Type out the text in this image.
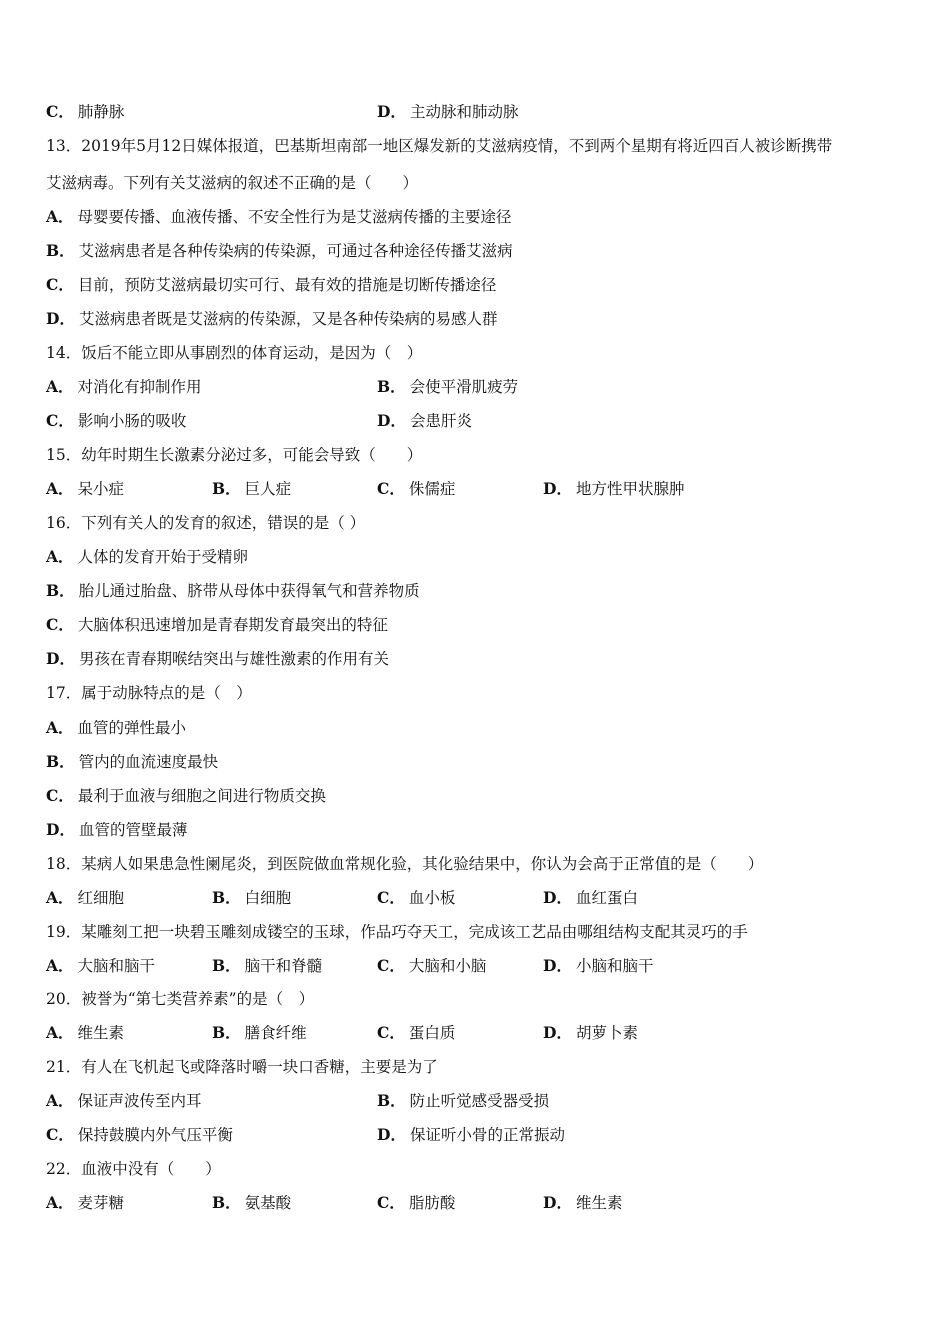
C． 肺静脉	D． 主动脉和肺动脉
13．2019年5月12日媒体报道，巴基斯坦南部一地区爆发新的艾滋病疫情，不到两个星期有将近四百人被诊断携带
艾滋病毒。下列有关艾滋病的叙述不正确的是（　　）
A． 母婴要传播、血液传播、不安全性行为是艾滋病传播的主要途径
B． 艾滋病患者是各种传染病的传染源，可通过各种途径传播艾滋病
C． 目前，预防艾滋病最切实可行、最有效的措施是切断传播途径
D． 艾滋病患者既是艾滋病的传染源，又是各种传染病的易感人群
14．饭后不能立即从事剧烈的体育运动，是因为（　）
A． 对消化有抑制作用	B． 会使平滑肌疲劳
C． 影响小肠的吸收	D． 会患肝炎
15．幼年时期生长激素分泌过多，可能会导致（　　）
A． 呆小症	B． 巨人症	C． 侏儒症	D． 地方性甲状腺肿
16．下列有关人的发育的叙述，错误的是（ ）
A． 人体的发育开始于受精卵
B． 胎儿通过胎盘、脐带从母体中获得氧气和营养物质
C． 大脑体积迅速增加是青春期发育最突出的特征
D． 男孩在青春期喉结突出与雄性激素的作用有关
17．属于动脉特点的是（　）
A． 血管的弹性最小
B． 管内的血流速度最快
C． 最利于血液与细胞之间进行物质交换
D． 血管的管壁最薄
18．某病人如果患急性阑尾炎，到医院做血常规化验，其化验结果中，你认为会高于正常值的是（　　）
A． 红细胞	B． 白细胞	C． 血小板	D． 血红蛋白
19．某雕刻工把一块碧玉雕刻成镂空的玉球，作品巧夺天工，完成该工艺品由哪组结构支配其灵巧的手
A． 大脑和脑干	B． 脑干和脊髓	C． 大脑和小脑	D． 小脑和脑干
20．被誉为“第七类营养素”的是（　）
A． 维生素	B． 膳食纤维	C． 蛋白质	D． 胡萝卜素
21．有人在飞机起飞或降落时嚼一块口香糖，主要是为了
A． 保证声波传至内耳	B． 防止听觉感受器受损
C． 保持鼓膜内外气压平衡	D． 保证听小骨的正常振动
22．血液中没有（　　）
A． 麦芽糖	B． 氨基酸	C． 脂肪酸	D． 维生素
